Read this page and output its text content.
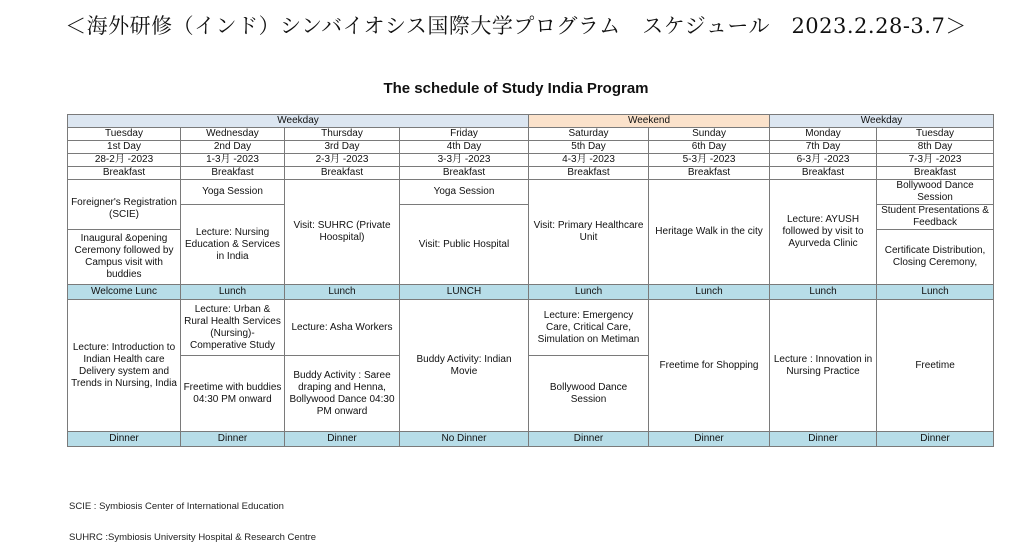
＜海外研修（インド）シンバイオシス国際大学プログラム　スケジュール　2023.2.28-3.7＞
The schedule of Study India Program
Weekday				Weekend		Weekday	
Tuesday	Wednesday	Thursday	Friday	Saturday	Sunday	Monday	Tuesday
1st Day	2nd Day	3rd Day	4th Day	5th Day	6th Day	7th Day	8th Day
28-2月 -2023	1-3月 -2023	2-3月 -2023	3-3月 -2023	4-3月 -2023	5-3月 -2023	6-3月 -2023	7-3月 -2023
Breakfast	Breakfast	Breakfast	Breakfast	Breakfast	Breakfast	Breakfast	Breakfast
Foreigner's Registration (SCIE)	Yoga Session	Visit: SUHRC (Private Hoospital)	Yoga Session	Visit: Primary Healthcare Unit	Heritage Walk in the city	Lecture: AYUSH followed by visit to Ayurveda Clinic	Bollywood Dance Session
	Lecture: Nursing Education & Services in India		Visit: Public Hospital				Student Presentations & Feedback
Inaugural &opening Ceremony followed by Campus visit with buddies							Certificate Distribution, Closing Ceremony,
Welcome Lunc	Lunch	Lunch	LUNCH	Lunch	Lunch	Lunch	Lunch
Lecture: Introduction to Indian Health care Delivery system and Trends in Nursing, India	Lecture: Urban & Rural Health Services (Nursing)- Comperative Study	Lecture: Asha Workers	Buddy Activity: Indian Movie	Lecture: Emergency Care, Critical Care, Simulation on Metiman	Freetime for Shopping	Lecture : Innovation in Nursing Practice	Freetime
	Freetime with buddies 04:30 PM onward	Buddy Activity : Saree draping and Henna, Bollywood Dance 04:30 PM onward		Bollywood Dance Session			
Dinner	Dinner	Dinner	No Dinner	Dinner	Dinner	Dinner	Dinner
SCIE : Symbiosis Center of International Education
SUHRC :Symbiosis University Hospital & Research Centre
